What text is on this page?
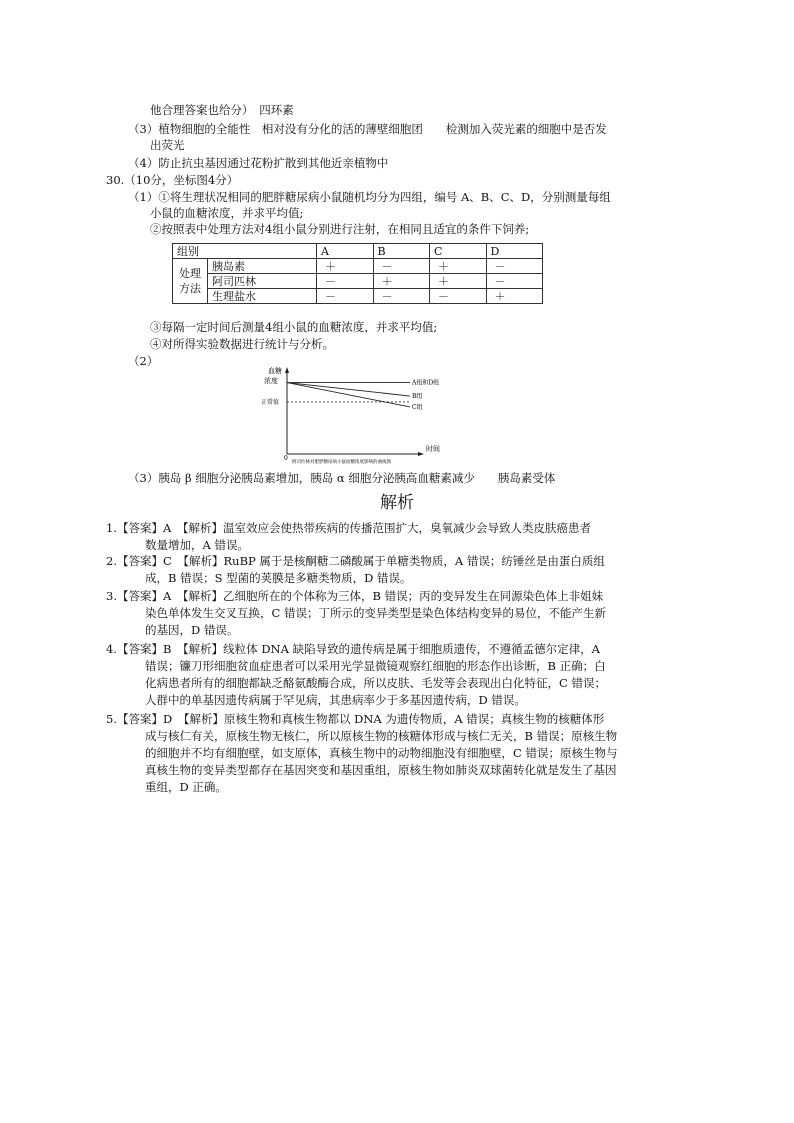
他合理答案也给分）　四环素
（3）植物细胞的全能性　相对没有分化的活的薄壁细胞团　　检测加入荧光素的细胞中是否发
出荧光
（4）防止抗虫基因通过花粉扩散到其他近亲植物中
30.（10分，坐标图4分）
（1）①将生理状况相同的肥胖糖尿病小鼠随机均分为四组，编号 A、B、C、D，分别测量每组
小鼠的血糖浓度，并求平均值;
②按照表中处理方法对4组小鼠分别进行注射，在相同且适宜的条件下饲养;
组别		A	B	C	D

处理
方法	胰岛素	＋	－	＋	－
	阿司匹林	－	＋	＋	－
	生理盐水	－	－	－	＋
③每隔一定时间后测量4组小鼠的血糖浓度，并求平均值;
④对所得实验数据进行统计与分析。
（2）
血糖
浓度
0
时间
正常值
A组和D组
B组
C组
阿司匹林对肥胖糖尿病小鼠血糖浓度影响的曲线图
（3）胰岛 β 细胞分泌胰岛素增加，胰岛 α 细胞分泌胰高血糖素减少　　胰岛素受体
解析
1.【答案】A　【解析】温室效应会使热带疾病的传播范围扩大，臭氧减少会导致人类皮肤癌患者
数量增加，A 错误。
2.【答案】C　【解析】RuBP 属于是核酮糖二磷酸属于单糖类物质，A 错误；纺锤丝是由蛋白质组
成，B 错误；S 型菌的荚膜是多糖类物质，D 错误。
3.【答案】A　【解析】乙细胞所在的个体称为三体，B 错误；丙的变异发生在同源染色体上非姐妹
染色单体发生交叉互换，C 错误；丁所示的变异类型是染色体结构变异的易位，不能产生新
的基因，D 错误。
4.【答案】B　【解析】线粒体 DNA 缺陷导致的遗传病是属于细胞质遗传，不遵循孟德尔定律，A
错误；镰刀形细胞贫血症患者可以采用光学显微镜观察红细胞的形态作出诊断，B 正确；白
化病患者所有的细胞都缺乏酪氨酸酶合成，所以皮肤、毛发等会表现出白化特征，C 错误；
人群中的单基因遗传病属于罕见病，其患病率少于多基因遗传病，D 错误。
5.【答案】D　【解析】原核生物和真核生物都以 DNA 为遗传物质，A 错误；真核生物的核糖体形
成与核仁有关，原核生物无核仁，所以原核生物的核糖体形成与核仁无关，B 错误；原核生物
的细胞并不均有细胞壁，如支原体，真核生物中的动物细胞没有细胞壁，C 错误；原核生物与
真核生物的变异类型都存在基因突变和基因重组，原核生物如肺炎双球菌转化就是发生了基因
重组，D 正确。
